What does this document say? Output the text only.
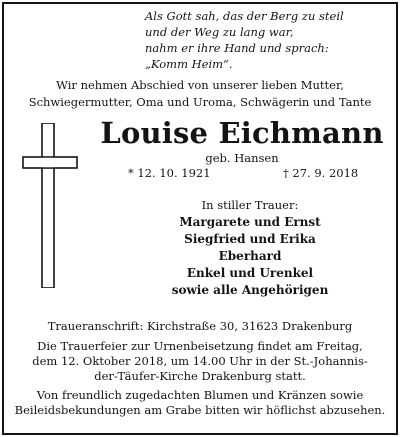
Als Gott sah, das der Berg zu steil
und der Weg zu lang war,
nahm er ihre Hand und sprach:
„Komm Heim“.
Wir nehmen Abschied von unserer lieben Mutter,
Schwiegermutter, Oma und Uroma, Schwägerin und Tante
Louise Eichmann
geb. Hansen
* 12. 10. 1921	† 27. 9. 2018
In stiller Trauer:
Margarete und Ernst
Siegfried und Erika
Eberhard
Enkel und Urenkel
sowie alle Angehörigen
Traueranschrift: Kirchstraße 30, 31623 Drakenburg
Die Trauerfeier zur Urnenbeisetzung findet am Freitag,
dem 12. Oktober 2018, um 14.00 Uhr in der St.-Johannis-
der-Täufer-Kirche Drakenburg statt.
Von freundlich zugedachten Blumen und Kränzen sowie
Beileidsbekundungen am Grabe bitten wir höflichst abzusehen.
